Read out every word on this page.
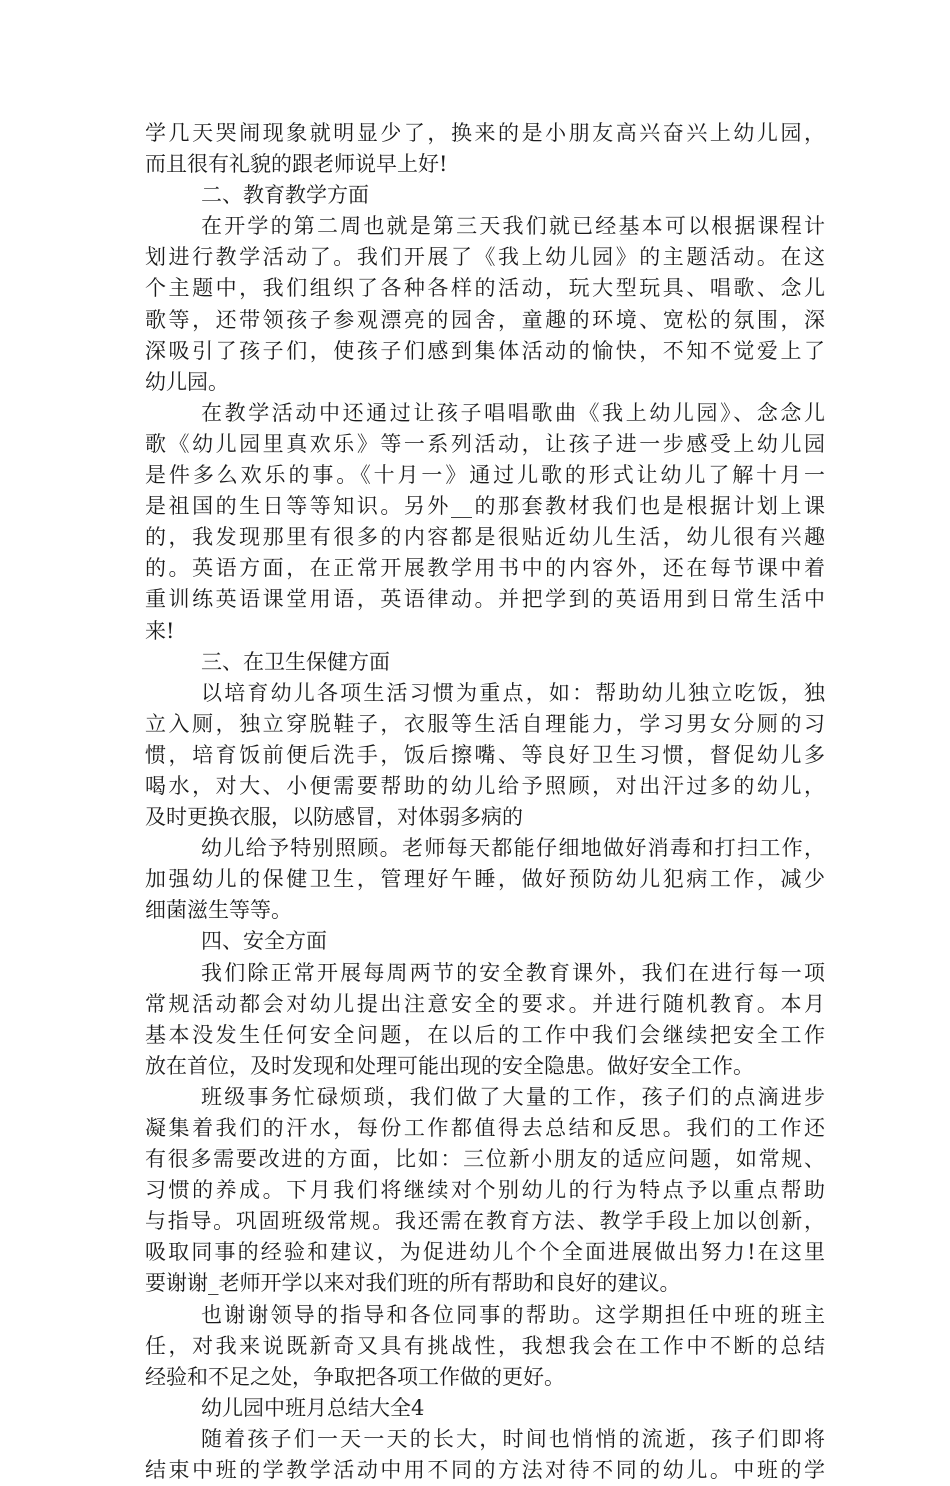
学几天哭闹现象就明显少了，换来的是小朋友高兴奋兴上幼儿园，
而且很有礼貌的跟老师说早上好!
二、教育教学方面
在开学的第二周也就是第三天我们就已经基本可以根据课程计
划进行教学活动了。我们开展了《我上幼儿园》的主题活动。在这
个主题中，我们组织了各种各样的活动，玩大型玩具、唱歌、念儿
歌等，还带领孩子参观漂亮的园舍，童趣的环境、宽松的氛围，深
深吸引了孩子们，使孩子们感到集体活动的愉快，不知不觉爱上了
幼儿园。
在教学活动中还通过让孩子唱唱歌曲《我上幼儿园》、念念儿
歌《幼儿园里真欢乐》等一系列活动，让孩子进一步感受上幼儿园
是件多么欢乐的事。《十月一》通过儿歌的形式让幼儿了解十月一
是祖国的生日等等知识。另外__的那套教材我们也是根据计划上课
的，我发现那里有很多的内容都是很贴近幼儿生活，幼儿很有兴趣
的。英语方面，在正常开展教学用书中的内容外，还在每节课中着
重训练英语课堂用语，英语律动。并把学到的英语用到日常生活中
来!
三、在卫生保健方面
以培育幼儿各项生活习惯为重点，如：帮助幼儿独立吃饭，独
立入厕，独立穿脱鞋子，衣服等生活自理能力，学习男女分厕的习
惯，培育饭前便后洗手，饭后擦嘴、等良好卫生习惯，督促幼儿多
喝水，对大、小便需要帮助的幼儿给予照顾，对出汗过多的幼儿，
及时更换衣服，以防感冒，对体弱多病的
幼儿给予特别照顾。老师每天都能仔细地做好消毒和打扫工作，
加强幼儿的保健卫生，管理好午睡，做好预防幼儿犯病工作，减少
细菌滋生等等。
四、安全方面
我们除正常开展每周两节的安全教育课外，我们在进行每一项
常规活动都会对幼儿提出注意安全的要求。并进行随机教育。本月
基本没发生任何安全问题，在以后的工作中我们会继续把安全工作
放在首位，及时发现和处理可能出现的安全隐患。做好安全工作。
班级事务忙碌烦琐，我们做了大量的工作，孩子们的点滴进步
凝集着我们的汗水，每份工作都值得去总结和反思。我们的工作还
有很多需要改进的方面，比如：三位新小朋友的适应问题，如常规、
习惯的养成。下月我们将继续对个别幼儿的行为特点予以重点帮助
与指导。巩固班级常规。我还需在教育方法、教学手段上加以创新，
吸取同事的经验和建议，为促进幼儿个个全面进展做出努力!在这里
要谢谢_老师开学以来对我们班的所有帮助和良好的建议。
也谢谢领导的指导和各位同事的帮助。这学期担任中班的班主
任，对我来说既新奇又具有挑战性，我想我会在工作中不断的总结
经验和不足之处，争取把各项工作做的更好。
幼儿园中班月总结大全4
随着孩子们一天一天的长大，时间也悄悄的流逝，孩子们即将
结束中班的学教学活动中用不同的方法对待不同的幼儿。中班的学
